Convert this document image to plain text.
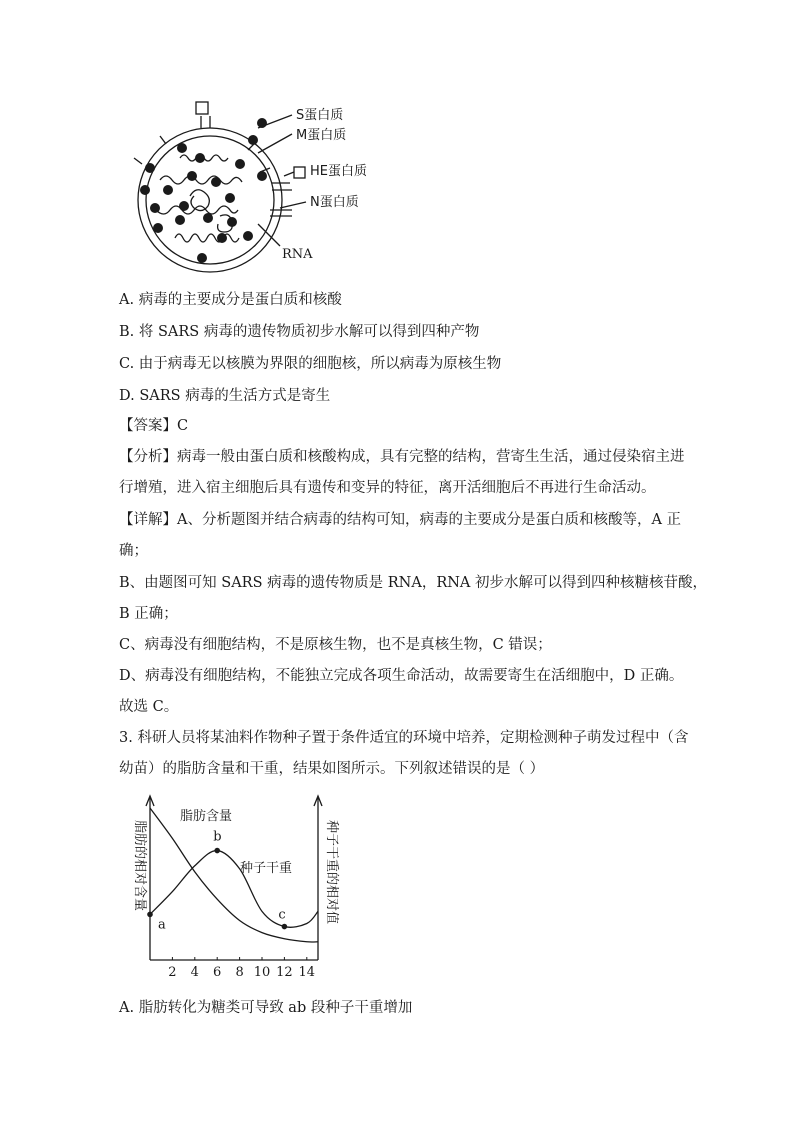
S蛋白质
M蛋白质
HE蛋白质
N蛋白质
RNA
A. 病毒的主要成分是蛋白质和核酸
B. 将 SARS 病毒的遗传物质初步水解可以得到四种产物
C. 由于病毒无以核膜为界限的细胞核，所以病毒为原核生物
D. SARS 病毒的生活方式是寄生
【答案】C
【分析】病毒一般由蛋白质和核酸构成，具有完整的结构，营寄生生活，通过侵染宿主进
行增殖，进入宿主细胞后具有遗传和变异的特征，离开活细胞后不再进行生命活动。
【详解】A、分析题图并结合病毒的结构可知，病毒的主要成分是蛋白质和核酸等，A 正
确；
B、由题图可知 SARS 病毒的遗传物质是 RNA，RNA 初步水解可以得到四种核糖核苷酸，
B 正确；
C、病毒没有细胞结构，不是原核生物，也不是真核生物，C 错误；
D、病毒没有细胞结构，不能独立完成各项生命活动，故需要寄生在活细胞中，D 正确。
故选 C。
3. 科研人员将某油料作物种子置于条件适宜的环境中培养，定期检测种子萌发过程中（含
幼苗）的脂肪含量和干重，结果如图所示。下列叙述错误的是（ ）
脂肪的相对含量	种子干重的相对值
2 4 6 8 10 12 14
a
b
c
脂肪含量
种子干重
A. 脂肪转化为糖类可导致 ab 段种子干重增加
